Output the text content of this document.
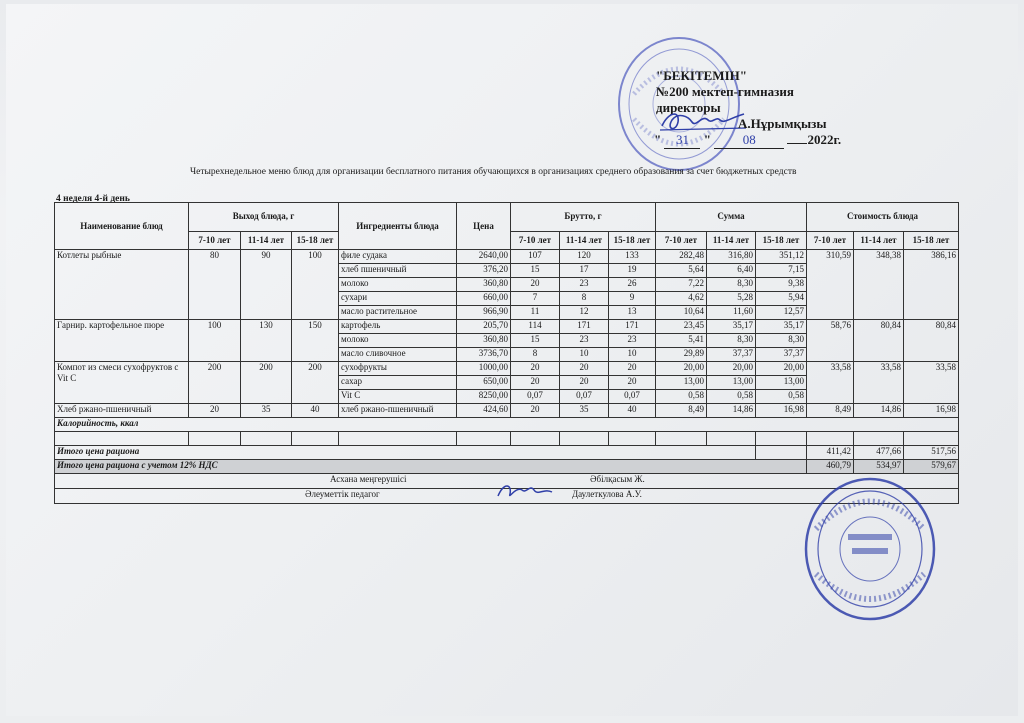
"БЕКІТЕМІН"
№200 мектеп-гимназия
директоры
А.Нұрымқызы
" 31 " 08	2022г.
Четырехнедельное меню блюд для организации бесплатного питания обучающихся в организациях среднего образования за счет бюджетных средств
4 неделя 4-й день
Наименование блюд	Выход блюда, г			Ингредиенты блюда	Цена	Брутто, г			Сумма			Стоимость блюда		
	7-10 лет	11-14 лет	15-18 лет			7-10 лет	11-14 лет	15-18 лет	7-10 лет	11-14 лет	15-18 лет	7-10 лет	11-14 лет	15-18 лет
Котлеты рыбные	80	90	100	филе судака	2640,00	107	120	133	282,48	316,80	351,12	310,59	348,38	386,16
				хлеб пшеничный	376,20	15	17	19	5,64	6,40	7,15			
				молоко	360,80	20	23	26	7,22	8,30	9,38			
				сухари	660,00	7	8	9	4,62	5,28	5,94			
				масло растительное	966,90	11	12	13	10,64	11,60	12,57			
Гарнир. картофельное пюре	100	130	150	картофель	205,70	114	171	171	23,45	35,17	35,17	58,76	80,84	80,84
				молоко	360,80	15	23	23	5,41	8,30	8,30			
				масло сливочное	3736,70	8	10	10	29,89	37,37	37,37			
Компот из смеси сухофруктов с Vit C	200	200	200	сухофрукты	1000,00	20	20	20	20,00	20,00	20,00	33,58	33,58	33,58
				сахар	650,00	20	20	20	13,00	13,00	13,00			
				Vit C	8250,00	0,07	0,07	0,07	0,58	0,58	0,58			
Хлеб ржано-пшеничный	20	35	40	хлеб ржано-пшеничный	424,60	20	35	40	8,49	14,86	16,98	8,49	14,86	16,98
Калорийность, ккал														

Итого цена рациона												411,42	477,66	517,56
Итого цена рациона с учетом 12% НДС												460,79	534,97	579,67

Асхана меңгерушісі Әбілқасым Ж.														

Әлеуметтік педагог Даулеткулова А.У.														
